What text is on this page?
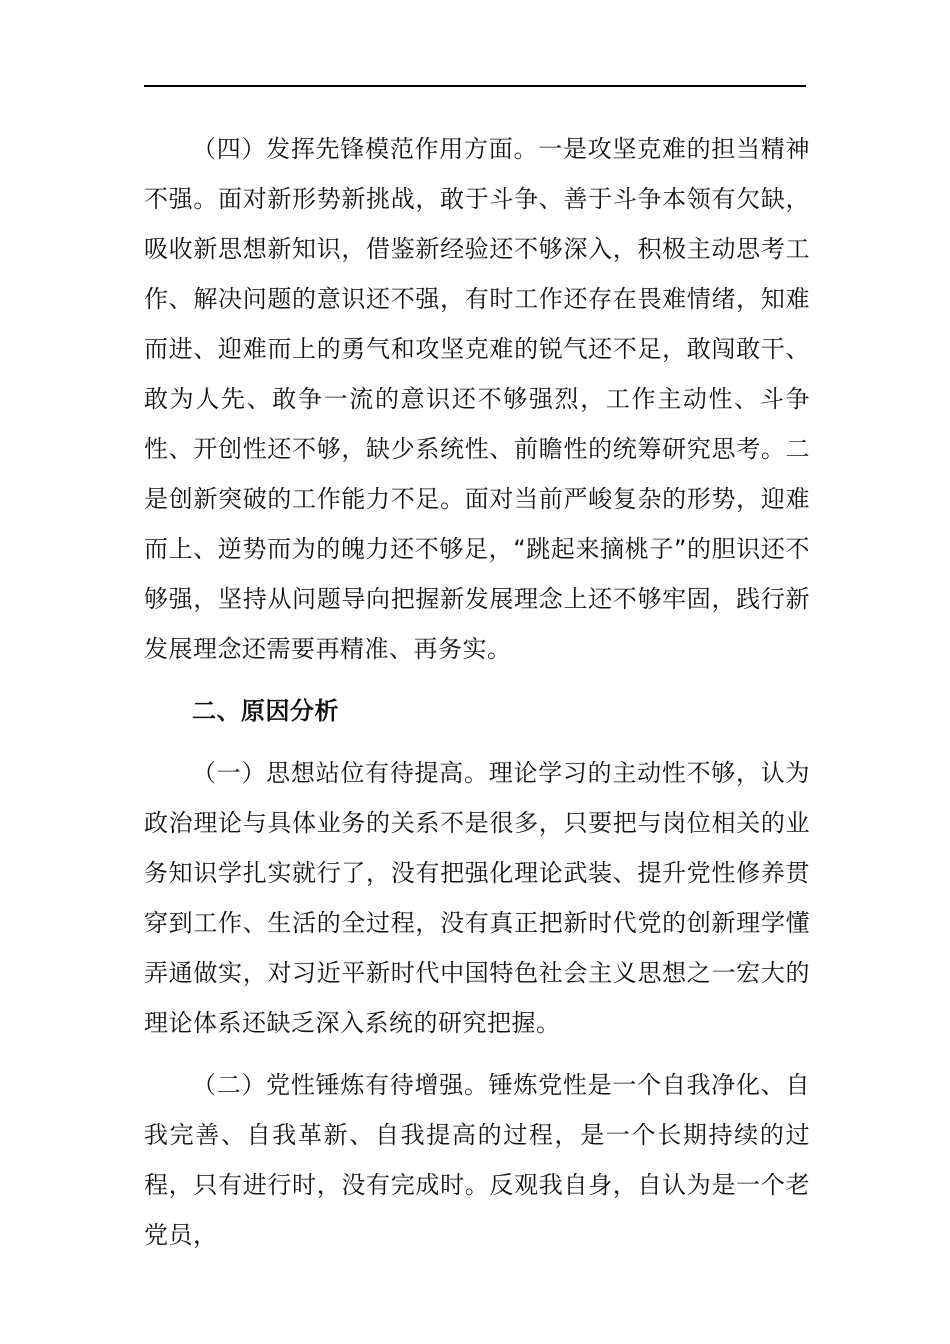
（四）发挥先锋模范作用方面。一是攻坚克难的担当精神不强。面对新形势新挑战，敢于斗争、善于斗争本领有欠缺，吸收新思想新知识，借鉴新经验还不够深入，积极主动思考工作、解决问题的意识还不强，有时工作还存在畏难情绪，知难而进、迎难而上的勇气和攻坚克难的锐气还不足，敢闯敢干、敢为人先、敢争一流的意识还不够强烈，工作主动性、斗争性、开创性还不够，缺少系统性、前瞻性的统筹研究思考。二是创新突破的工作能力不足。面对当前严峻复杂的形势，迎难而上、逆势而为的魄力还不够足，“跳起来摘桃子”的胆识还不够强，坚持从问题导向把握新发展理念上还不够牢固，践行新发展理念还需要再精准、再务实。

二、原因分析

（一）思想站位有待提高。理论学习的主动性不够，认为政治理论与具体业务的关系不是很多，只要把与岗位相关的业务知识学扎实就行了，没有把强化理论武装、提升党性修养贯穿到工作、生活的全过程，没有真正把新时代党的创新理学懂弄通做实，对习近平新时代中国特色社会主义思想之一宏大的理论体系还缺乏深入系统的研究把握。

（二）党性锤炼有待增强。锤炼党性是一个自我净化、自我完善、自我革新、自我提高的过程，是一个长期持续的过程，只有进行时，没有完成时。反观我自身，自认为是一个老党员，
